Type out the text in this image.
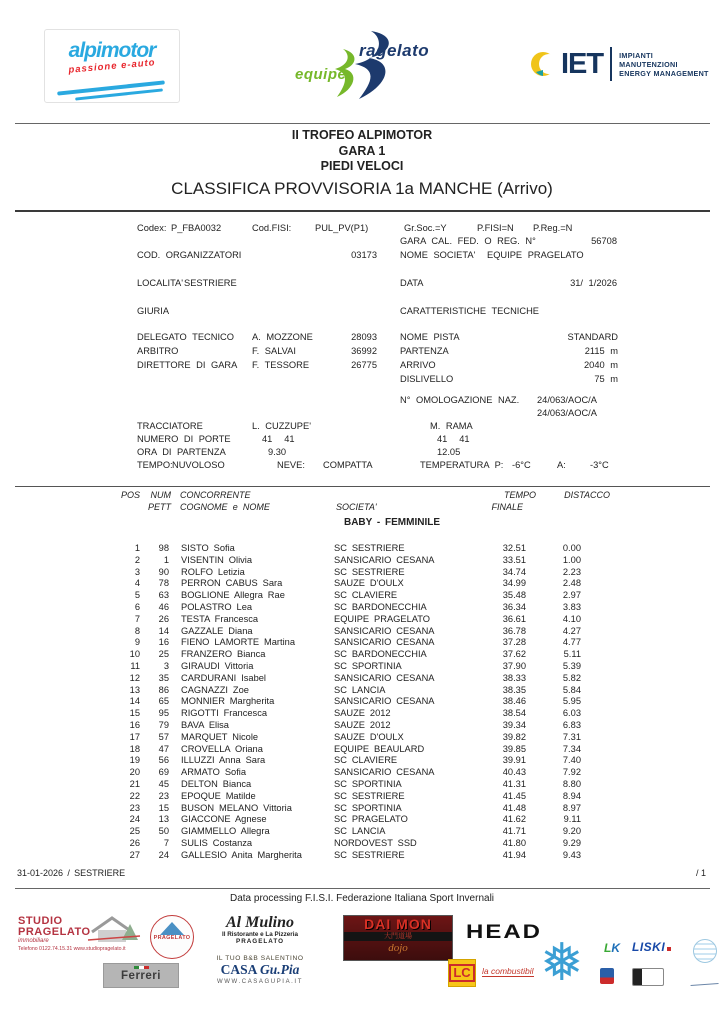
alpimotor
passione e-auto	equipe
ragelato	IET IMPIANTI
MANUTENZIONI
ENERGY MANAGEMENT
II TROFEO ALPIMOTOR
GARA 1
PIEDI VELOCI
CLASSIFICA PROVVISORIA 1a MANCHE (Arrivo)
Codex: P_FBA0032	Cod.FISI:	PUL_PV(P1)	Gr.Soc.=Y	P.FISI=N P.Reg.=N
GARA CAL. FED. O REG. N°	56708
COD. ORGANIZZATORI	03173 NOME SOCIETA' EQUIPE PRAGELATO
LOCALITA' SESTRIERE	DATA	31/ 1/2026
GIURIA	CARATTERISTICHE TECNICHE
DELEGATO TECNICO A. MOZZONE	28093 NOME PISTA	STANDARD
ARBITRO	F. SALVAI	36992 PARTENZA	2115 m
DIRETTORE DI GARA F. TESSORE	26775 ARRIVO	2040 m
DISLIVELLO	75 m
N° OMOLOGAZIONE NAZ. 24/063/AOC/A
24/063/AOC/A
TRACCIATORE	L. CUZZUPE'	M. RAMA
NUMERO DI PORTE	41 41	41 41
ORA DI PARTENZA	9.30	12.05
TEMPO: NUVOLOSO	NEVE: COMPATTA	TEMPERATURA P: -6°C	A:	-3°C
POS	NUM CONCORRENTE	TEMPO	DISTACCO
PETT COGNOME e NOME	SOCIETA'	FINALE
BABY - FEMMINILE
1	98	SISTO Sofia	SC SESTRIERE	32.51	0.00
2	1	VISENTIN Olivia	SANSICARIO CESANA	33.51	1.00
3	90	ROLFO Letizia	SC SESTRIERE	34.74	2.23
4	78	PERRON CABUS Sara	SAUZE D'OULX	34.99	2.48
5	63	BOGLIONE Allegra Rae	SC CLAVIERE	35.48	2.97
6	46	POLASTRO Lea	SC BARDONECCHIA	36.34	3.83
7	26	TESTA Francesca	EQUIPE PRAGELATO	36.61	4.10
8	14	GAZZALE Diana	SANSICARIO CESANA	36.78	4.27
9	16	FIENO LAMORTE Martina	SANSICARIO CESANA	37.28	4.77
10	25	FRANZERO Bianca	SC BARDONECCHIA	37.62	5.11
11	3	GIRAUDI Vittoria	SC SPORTINIA	37.90	5.39
12	35	CARDURANI Isabel	SANSICARIO CESANA	38.33	5.82
13	86	CAGNAZZI Zoe	SC LANCIA	38.35	5.84
14	65	MONNIER Margherita	SANSICARIO CESANA	38.46	5.95
15	95	RIGOTTI Francesca	SAUZE 2012	38.54	6.03
16	79	BAVA Elisa	SAUZE 2012	39.34	6.83
17	57	MARQUET Nicole	SAUZE D'OULX	39.82	7.31
18	47	CROVELLA Oriana	EQUIPE BEAULARD	39.85	7.34
19	56	ILLUZZI Anna Sara	SC CLAVIERE	39.91	7.40
20	69	ARMATO Sofia	SANSICARIO CESANA	40.43	7.92
21	45	DELTON Bianca	SC SPORTINIA	41.31	8.80
22	23	EPOQUE Matilde	SC SESTRIERE	41.45	8.94
23	15	BUSON MELANO Vittoria	SC SPORTINIA	41.48	8.97
24	13	GIACCONE Agnese	SC PRAGELATO	41.62	9.11
25	50	GIAMMELLO Allegra	SC LANCIA	41.71	9.20
26	7	SULIS Costanza	NORDOVEST SSD	41.80	9.29
27	24	GALLESIO Anita Margherita	SC SESTRIERE	41.94	9.43
31-01-2026 / SESTRIERE	/ 1
Data processing F.I.S.I. Federazione Italiana Sport Invernali
STUDIO
PRAGELATO
immobiliare
Telefono 0122.74.15.31 www.studiopragelato.it
PRAGELATO
Ferreri
Al Mulino
Il Ristorante e La Pizzeria
PRAGELATO
IL TUO B&B SALENTINO
CASA Gu.Pia
WWW.CASAGUPIA.IT
DAI MON
大門道場
dojo
HEAD
LC	la combustibil ❅ LK LISKI
